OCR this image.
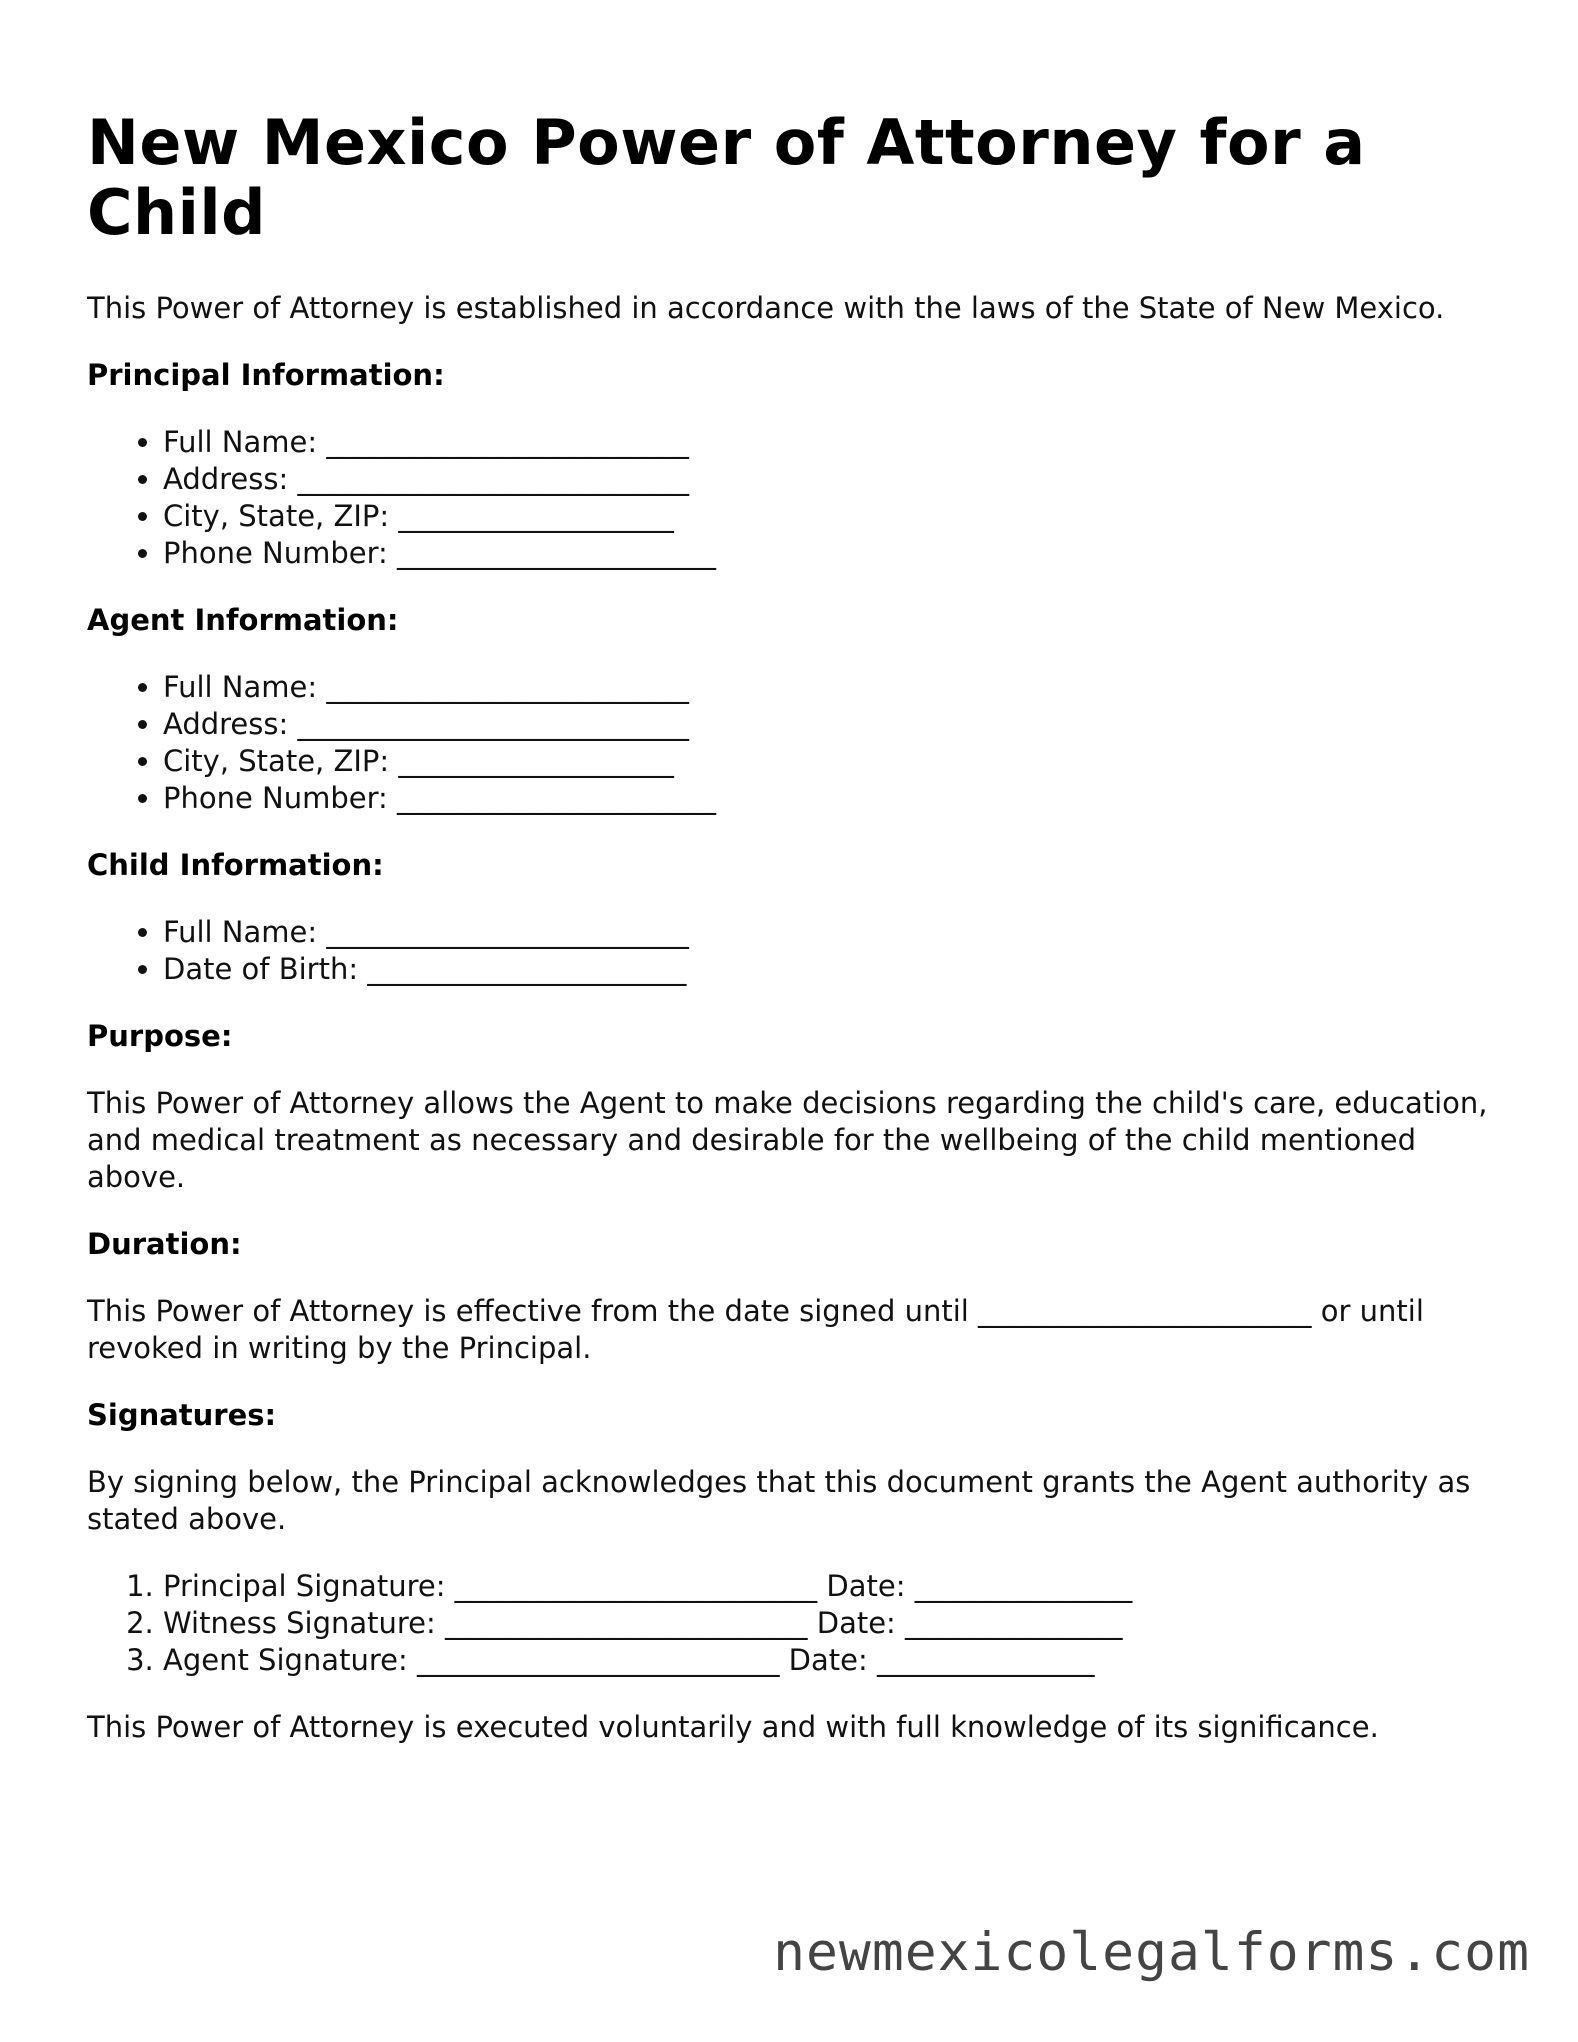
New Mexico Power of Attorney for a Child

This Power of Attorney is established in accordance with the laws of the State of New Mexico.

Principal Information:
• Full Name: _________________________
• Address: ___________________________
• City, State, ZIP: ___________________
• Phone Number: ______________________
Agent Information:
• Full Name: _________________________
• Address: ___________________________
• City, State, ZIP: ___________________
• Phone Number: ______________________
Child Information:
• Full Name: _________________________
• Date of Birth: ______________________
Purpose:

This Power of Attorney allows the Agent to make decisions regarding the child's care, education, and medical treatment as necessary and desirable for the wellbeing of the child mentioned above.

Duration:

This Power of Attorney is effective from the date signed until _______________________ or until revoked in writing by the Principal.

Signatures:

By signing below, the Principal acknowledges that this document grants the Agent authority as stated above.

1. Principal Signature: _________________________ Date: _______________
2. Witness Signature: _________________________ Date: _______________
3. Agent Signature: _________________________ Date: _______________

This Power of Attorney is executed voluntarily and with full knowledge of its significance.

newmexicolegalforms.com
